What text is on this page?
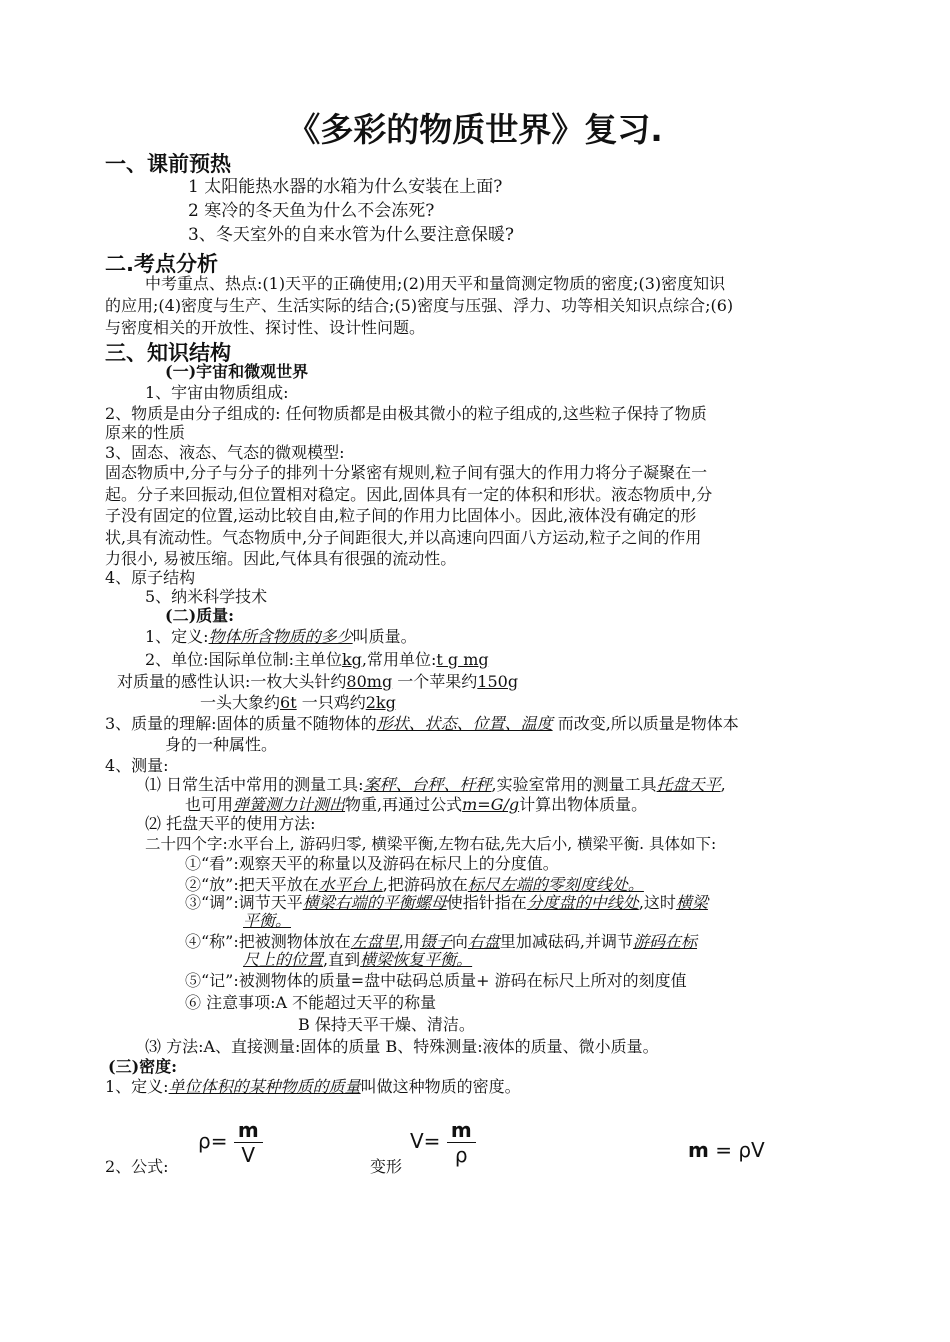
《多彩的物质世界》复习.
一、课前预热
1 太阳能热水器的水箱为什么安装在上面?
2 寒冷的冬天鱼为什么不会冻死?
3、冬天室外的自来水管为什么要注意保暖?
二.考点分析
中考重点、热点:(1)天平的正确使用;(2)用天平和量筒测定物质的密度;(3)密度知识
的应用;(4)密度与生产、生活实际的结合;(5)密度与压强、浮力、功等相关知识点综合;(6)
与密度相关的开放性、探讨性、设计性问题。
三、知识结构
(一)宇宙和微观世界
1、宇宙由物质组成:
2、物质是由分子组成的: 任何物质都是由极其微小的粒子组成的,这些粒子保持了物质
原来的性质
3、固态、液态、气态的微观模型:
固态物质中,分子与分子的排列十分紧密有规则,粒子间有强大的作用力将分子凝聚在一
起。分子来回振动,但位置相对稳定。因此,固体具有一定的体积和形状。液态物质中,分
子没有固定的位置,运动比较自由,粒子间的作用力比固体小。因此,液体没有确定的形
状,具有流动性。气态物质中,分子间距很大,并以高速向四面八方运动,粒子之间的作用
力很小, 易被压缩。因此,气体具有很强的流动性。
4、原子结构
5、纳米科学技术
(二)质量:
1、定义:物体所含物质的多少叫质量。
2、单位:国际单位制:主单位kg,常用单位:t g mg
对质量的感性认识:一枚大头针约80mg 一个苹果约150g
一头大象约6t 一只鸡约2kg
3、质量的理解:固体的质量不随物体的形状、状态、位置、温度 而改变,所以质量是物体本
身的一种属性。
4、测量:
⑴ 日常生活中常用的测量工具:案秤、台秤、杆秤,实验室常用的测量工具托盘天平,
也可用弹簧测力计测出物重,再通过公式m=G/g计算出物体质量。
⑵ 托盘天平的使用方法:
二十四个字:水平台上, 游码归零, 横梁平衡,左物右砝,先大后小, 横梁平衡. 具体如下:
①“看”:观察天平的称量以及游码在标尺上的分度值。
②“放”:把天平放在水平台上,把游码放在标尺左端的零刻度线处。
③“调”:调节天平横梁右端的平衡螺母使指针指在分度盘的中线处,这时横梁
平衡。
④“称”:把被测物体放在左盘里,用镊子向右盘里加减砝码,并调节游码在标
尺上的位置,直到横梁恢复平衡。
⑤“记”:被测物体的质量=盘中砝码总质量+ 游码在标尺上所对的刻度值
⑥ 注意事项:A 不能超过天平的称量
B 保持天平干燥、清洁。
⑶ 方法:A、直接测量:固体的质量 B、特殊测量:液体的质量、微小质量。
(三)密度:
1、定义:单位体积的某种物质的质量叫做这种物质的密度。
$\rho= \frac{m}{V}$	$V= \frac{m}{\rho}$	m = ρV
2、公式:	变形
